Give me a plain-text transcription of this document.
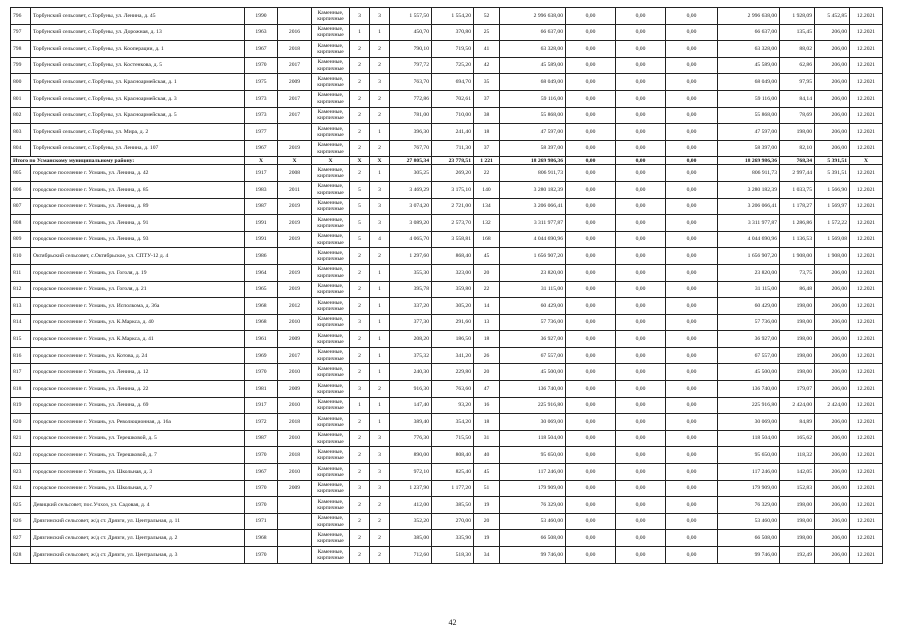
796	Торбунский сельсовет, с.Торбуны, ул. Ленина, д. 45	1990		Каменные, кирпичные	3	3	1 557,50	1 554,20	52	2 996 638,00	0,00	0,00	0,00	2 996 638,00	1 928,09	5 452,85	12.2021
797	Торбунский сельсовет, с.Торбуны, ул. Дорожная, д. 13	1963	2016	Каменные, кирпичные	1	1	450,70	370,80	25	66 637,00	0,00	0,00	0,00	66 637,00	135,45	206,00	12.2021
798	Торбунский сельсовет, с.Торбуны, ул. Кооперации, д. 1	1967	2018	Каменные, кирпичные	2	2	790,10	719,50	41	63 328,00	0,00	0,00	0,00	63 328,00	88,02	206,00	12.2021
799	Торбунский сельсовет, с.Торбуны, ул. Костенкова, д. 5	1970	2017	Каменные, кирпичные	2	2	797,72	725,20	42	45 589,00	0,00	0,00	0,00	45 589,00	62,86	206,00	12.2021
800	Торбунский сельсовет, с.Торбуны, ул. Красноармейская, д. 1	1975	2009	Каменные, кирпичные	2	3	763,70	694,70	35	68 049,00	0,00	0,00	0,00	68 049,00	97,95	206,00	12.2021
801	Торбунский сельсовет, с.Торбуны, ул. Красноармейская, д. 3	1973	2017	Каменные, кирпичные	2	2	772,86	702,61	37	59 116,00	0,00	0,00	0,00	59 116,00	84,14	206,00	12.2021
802	Торбунский сельсовет, с.Торбуны, ул. Красноармейская, д. 5	1973	2017	Каменные, кирпичные	2	2	781,00	710,00	38	55 868,00	0,00	0,00	0,00	55 868,00	78,69	206,00	12.2021
803	Торбунский сельсовет, с.Торбуны, ул. Мира, д. 2	1977		Каменные, кирпичные	2	1	396,30	241,40	18	47 597,00	0,00	0,00	0,00	47 597,00	198,00	206,00	12.2021
804	Торбунский сельсовет, с.Торбуны, ул. Ленина, д. 107	1967	2019	Каменные, кирпичные	2	2	767,70	711,30	37	58 397,00	0,00	0,00	0,00	58 397,00	82,10	206,00	12.2021
Итого по Усманскому муниципальному району:		X	X	X	X	X	27 805,34	23 778,51	1 221	18 269 986,36	0,00	0,00	0,00	18 269 986,36	768,34	5 391,51	X
805	городское поселение г. Усмань, ул. Ленина, д. 42	1917	2008	Каменные, кирпичные	2	1	305,25	269,20	22	806 911,73	0,00	0,00	0,00	806 911,73	2 997,44	5 391,51	12.2021
806	городское поселение г. Усмань, ул. Ленина, д. 85	1983	2011	Каменные, кирпичные	5	3	3 469,29	3 175,10	140	3 280 182,39	0,00	0,00	0,00	3 280 182,39	1 033,75	1 566,90	12.2021
807	городское поселение г. Усмань, ул. Ленина, д. 89	1987	2019	Каменные, кирпичные	5	3	3 074,20	2 721,00	134	3 206 066,41	0,00	0,00	0,00	3 206 066,41	1 178,27	1 569,97	12.2021
808	городское поселение г. Усмань, ул. Ленина, д. 91	1991	2019	Каменные, кирпичные	5	3	3 089,20	2 573,70	132	3 311 977,87	0,00	0,00	0,00	3 311 977,87	1 286,86	1 572,22	12.2021
809	городское поселение г. Усмань, ул. Ленина, д. 93	1991	2019	Каменные, кирпичные	5	4	4 065,70	3 558,81	168	4 044 690,96	0,00	0,00	0,00	4 044 690,96	1 136,53	1 569,08	12.2021
810	Октябрьский сельсовет, с.Октябрьское, ул. СПТУ-12 д. 4	1986		Каменные, кирпичные	2	2	1 297,60	868,40	45	1 656 907,20	0,00	0,00	0,00	1 656 907,20	1 908,00	1 908,00	12.2021
811	городское поселение г. Усмань, ул. Гоголя, д. 19	1964	2019	Каменные, кирпичные	2	1	355,30	323,00	20	23 820,00	0,00	0,00	0,00	23 820,00	73,75	206,00	12.2021
812	городское поселение г. Усмань, ул. Гоголя, д. 21	1965	2019	Каменные, кирпичные	2	1	395,78	359,80	22	31 115,00	0,00	0,00	0,00	31 115,00	86,48	206,00	12.2021
813	городское поселение г. Усмань, ул. Исполкома, д. 36а	1968	2012	Каменные, кирпичные	2	1	337,20	305,20	14	60 429,00	0,00	0,00	0,00	60 429,00	198,00	206,00	12.2021
814	городское поселение г. Усмань, ул. К.Маркса, д. 40	1968	2010	Каменные, кирпичные	3	1	377,30	291,60	13	57 736,00	0,00	0,00	0,00	57 736,00	198,00	206,00	12.2021
815	городское поселение г. Усмань, ул. К.Маркса, д. 41	1961	2009	Каменные, кирпичные	2	1	208,20	186,50	18	36 927,00	0,00	0,00	0,00	36 927,00	198,00	206,00	12.2021
816	городское поселение г. Усмань, ул. Котова, д. 24	1969	2017	Каменные, кирпичные	2	1	375,32	341,20	26	67 557,00	0,00	0,00	0,00	67 557,00	198,00	206,00	12.2021
817	городское поселение г. Усмань, ул. Ленина, д. 12	1970	2010	Каменные, кирпичные	2	1	240,30	229,80	20	45 500,00	0,00	0,00	0,00	45 500,00	198,00	206,00	12.2021
818	городское поселение г. Усмань, ул. Ленина, д. 22	1981	2009	Каменные, кирпичные	3	2	916,30	763,60	47	136 740,00	0,00	0,00	0,00	136 740,00	179,07	206,00	12.2021
819	городское поселение г. Усмань, ул. Ленина, д. 69	1917	2010	Каменные, кирпичные	1	1	147,40	93,20	16	225 916,80	0,00	0,00	0,00	225 916,80	2 424,00	2 424,00	12.2021
820	городское поселение г. Усмань, ул. Революционная, д. 16а	1972	2018	Каменные, кирпичные	2	1	389,40	354,20	18	30 069,00	0,00	0,00	0,00	30 069,00	84,89	206,00	12.2021
821	городское поселение г. Усмань, ул. Терешковой, д. 5	1987	2010	Каменные, кирпичные	2	3	776,30	715,50	31	118 504,00	0,00	0,00	0,00	118 504,00	165,62	206,00	12.2021
822	городское поселение г. Усмань, ул. Терешковой, д. 7	1970	2018	Каменные, кирпичные	2	3	890,00	808,40	40	95 650,00	0,00	0,00	0,00	95 650,00	118,32	206,00	12.2021
823	городское поселение г. Усмань, ул. Школьная, д. 3	1967	2010	Каменные, кирпичные	2	3	972,10	825,40	45	117 246,00	0,00	0,00	0,00	117 246,00	142,05	206,00	12.2021
824	городское поселение г. Усмань, ул. Школьная, д. 7	1970	2009	Каменные, кирпичные	3	3	1 237,90	1 177,20	51	179 909,00	0,00	0,00	0,00	179 909,00	152,83	206,00	12.2021
825	Девицкий сельсовет, пос.Учхоз, ул. Садовая, д. 4	1970		Каменные, кирпичные	2	2	412,00	385,50	19	76 329,00	0,00	0,00	0,00	76 329,00	198,00	206,00	12.2021
826	Дрязгинский сельсовет, ж/д ст. Дрязги, ул. Центральная, д. 11	1971		Каменные, кирпичные	2	2	352,20	270,00	20	53 460,00	0,00	0,00	0,00	53 460,00	198,00	206,00	12.2021
827	Дрязгинский сельсовет, ж/д ст. Дрязги, ул. Центральная, д. 2	1968		Каменные, кирпичные	2	2	385,00	335,90	19	66 508,00	0,00	0,00	0,00	66 508,00	198,00	206,00	12.2021
828	Дрязгинский сельсовет, ж/д ст. Дрязги, ул. Центральная, д. 3	1970		Каменные, кирпичные	2	2	712,60	518,30	34	99 746,00	0,00	0,00	0,00	99 746,00	192,49	206,00	12.2021
42
